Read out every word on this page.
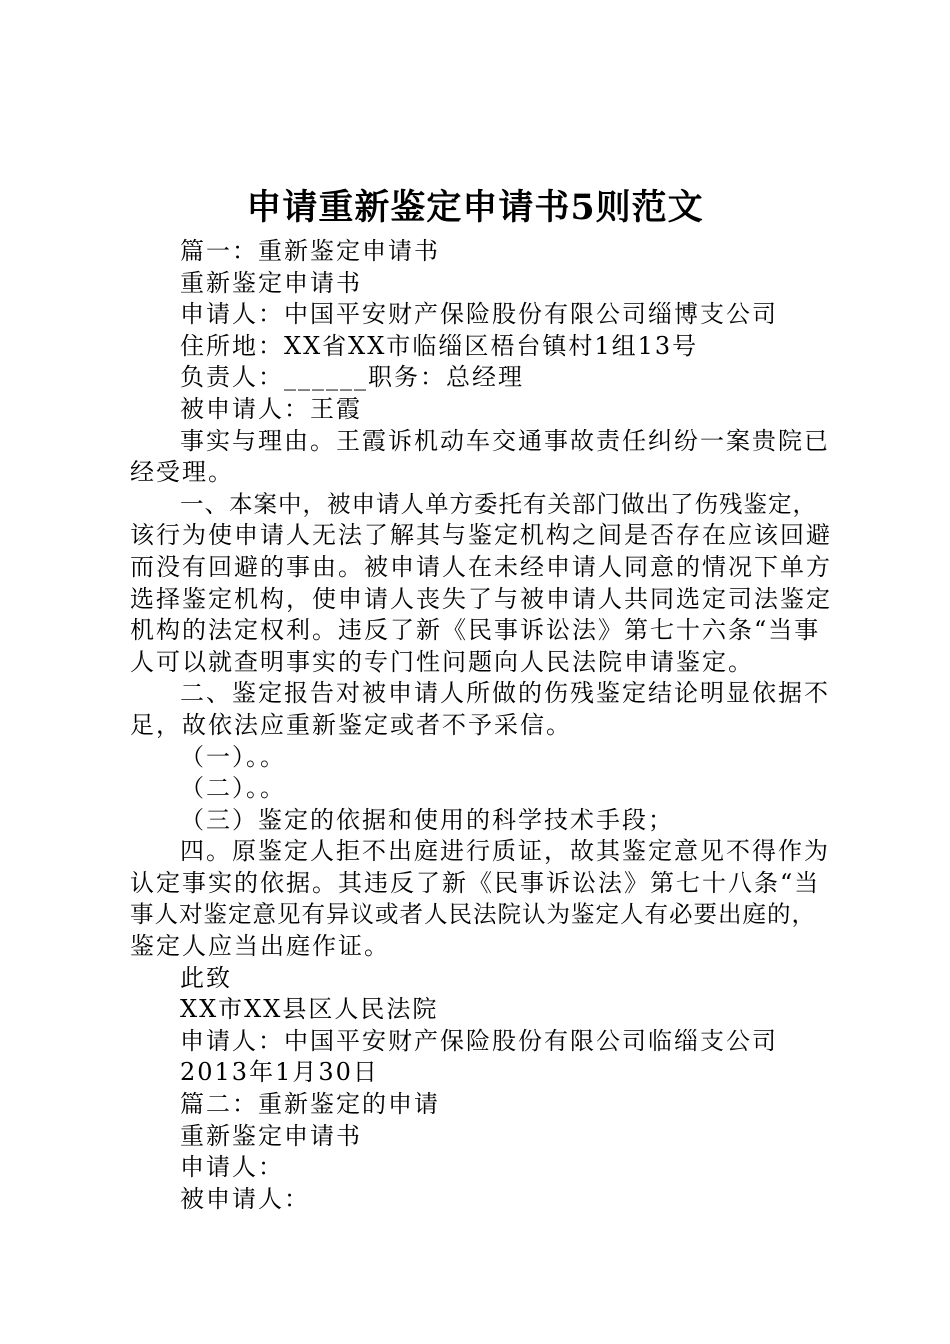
申请重新鉴定申请书5则范文
篇一：重新鉴定申请书
重新鉴定申请书
申请人：中国平安财产保险股份有限公司缁博支公司
住所地：XX省XX市临缁区梧台镇村1组13号
负责人：______职务：总经理
被申请人：王霞
事实与理由。王霞诉机动车交通事故责任纠纷一案贵院已
经受理。
一、本案中，被申请人单方委托有关部门做出了伤残鉴定，
该行为使申请人无法了解其与鉴定机构之间是否存在应该回避
而没有回避的事由。被申请人在未经申请人同意的情况下单方
选择鉴定机构，使申请人丧失了与被申请人共同选定司法鉴定
机构的法定权利。违反了新《民事诉讼法》第七十六条“当事
人可以就查明事实的专门性问题向人民法院申请鉴定。
二、鉴定报告对被申请人所做的伤残鉴定结论明显依据不
足，故依法应重新鉴定或者不予采信。
（一）。。
（二）。。
（三）鉴定的依据和使用的科学技术手段；
四。原鉴定人拒不出庭进行质证，故其鉴定意见不得作为
认定事实的依据。其违反了新《民事诉讼法》第七十八条“当
事人对鉴定意见有异议或者人民法院认为鉴定人有必要出庭的，
鉴定人应当出庭作证。
此致
XX市XX县区人民法院
申请人：中国平安财产保险股份有限公司临缁支公司
2013年1月30日
篇二：重新鉴定的申请
重新鉴定申请书
申请人：
被申请人：
